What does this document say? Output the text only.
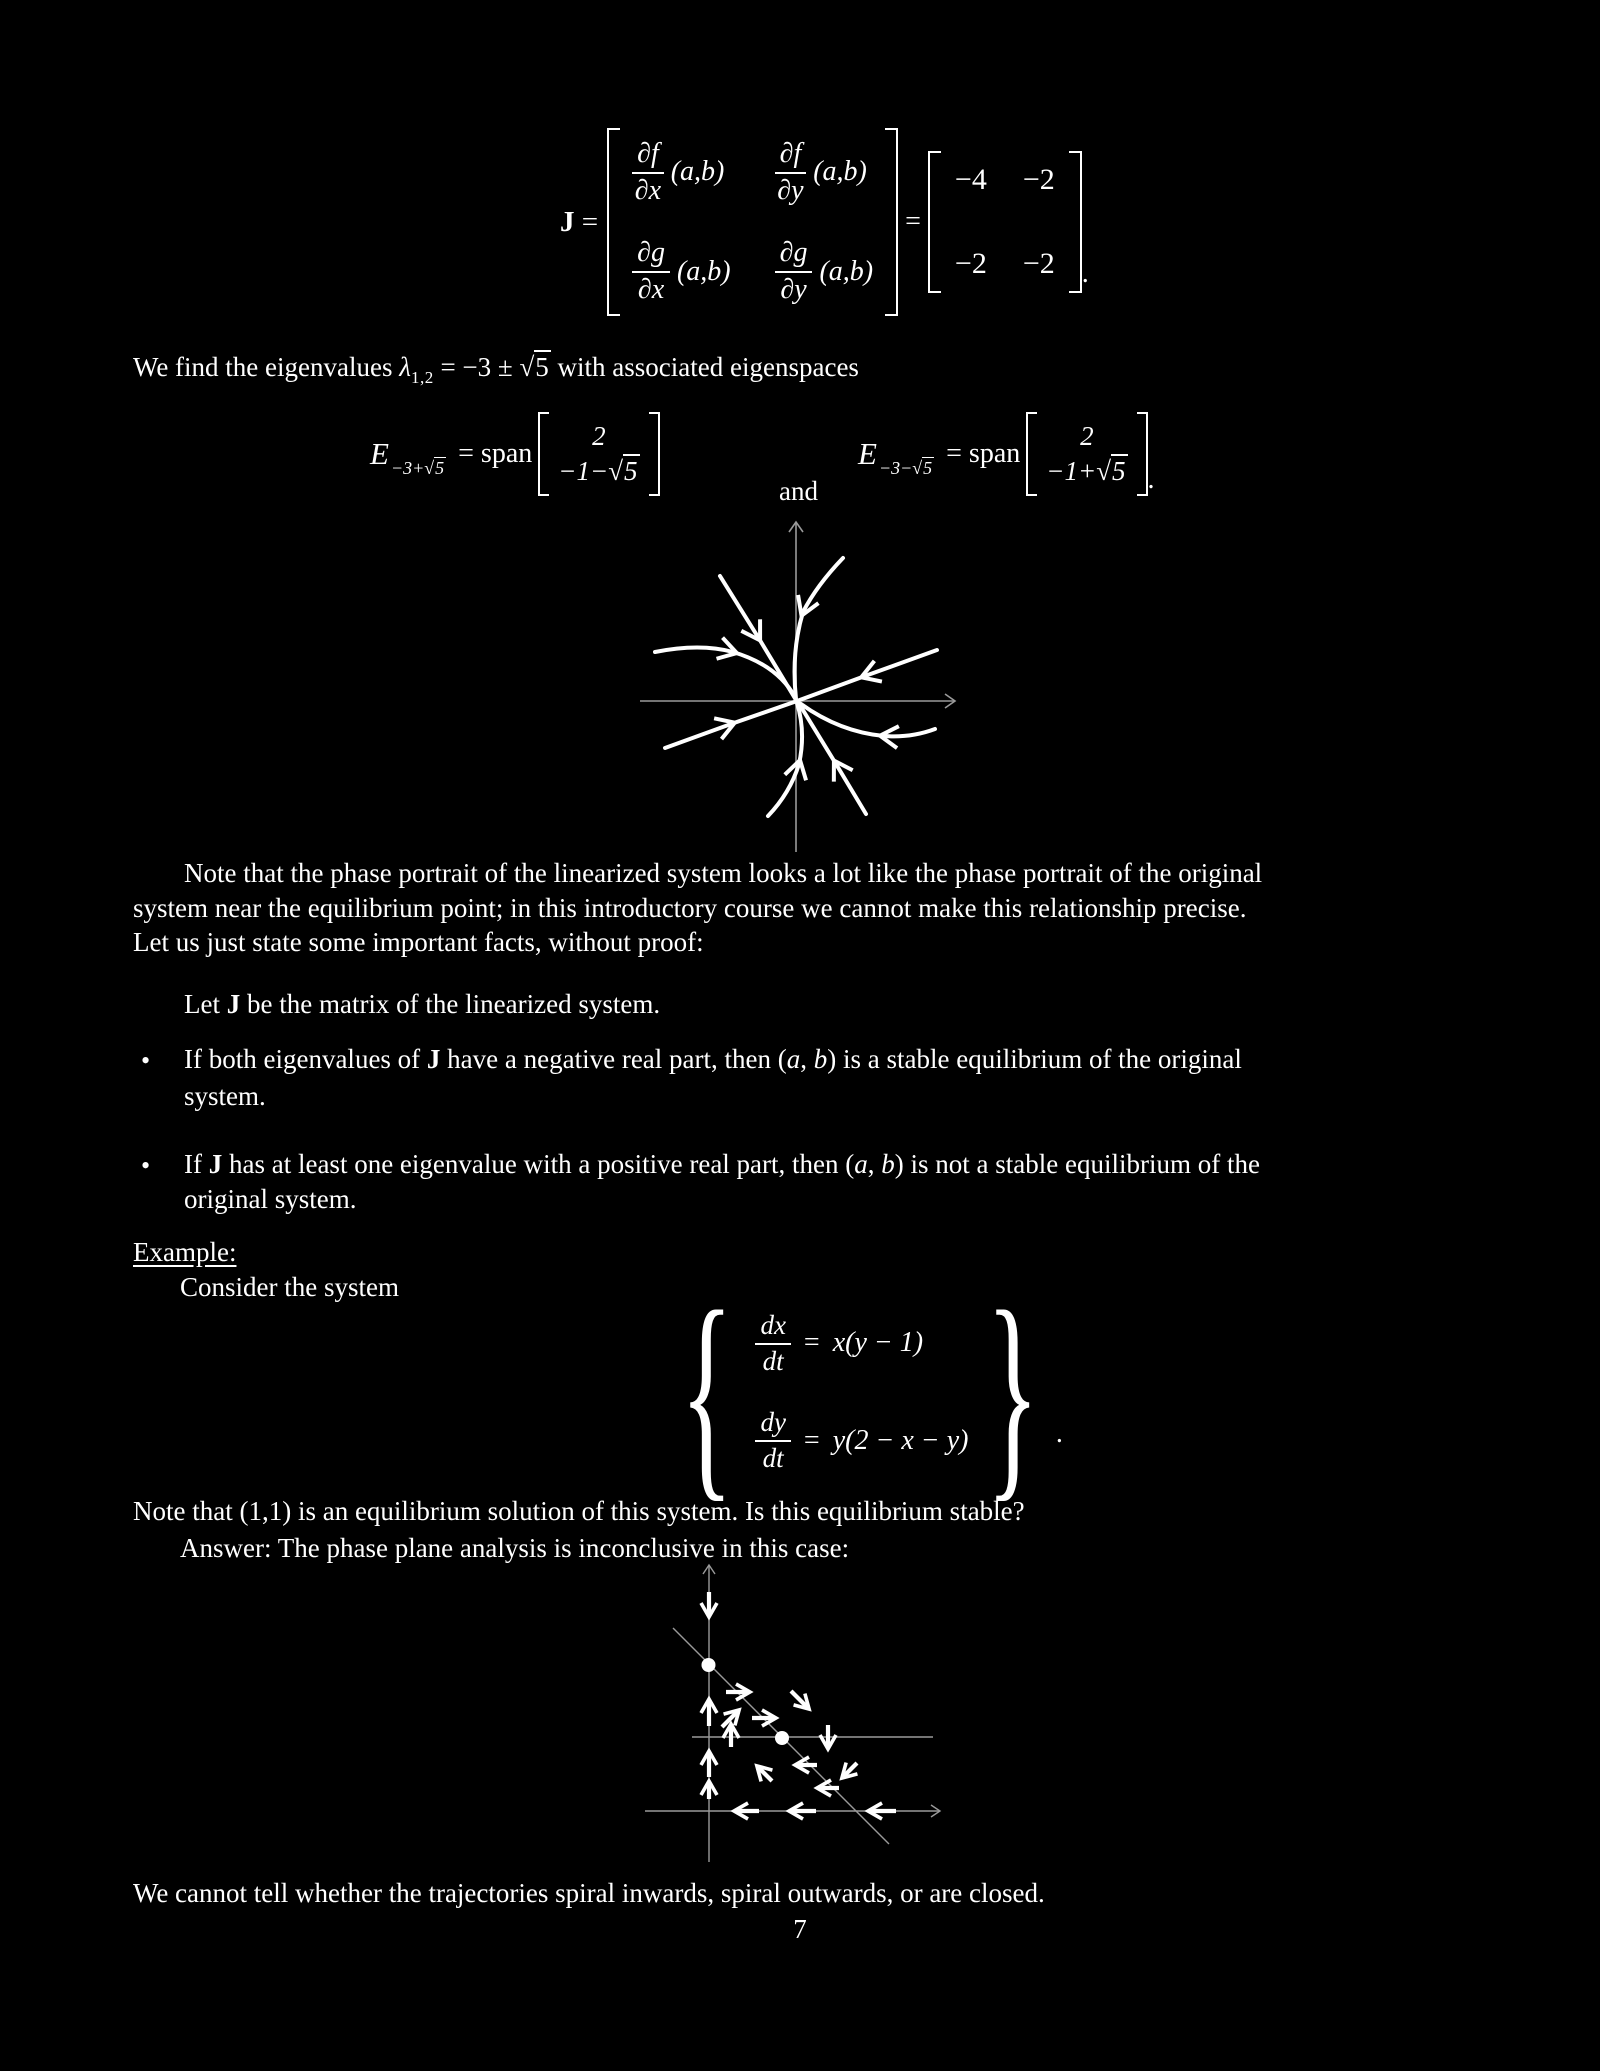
J =
$\frac{\partial f}{\partial x} (a,b) \frac{\partial f}{\partial y} (a,b)$
$\frac{\partial g}{\partial x} (a,b) \frac{\partial g}{\partial y} (a,b)$
=
−4 −2
−2 −2 .
We find the eigenvalues $\lambda_{1,2} = -3 \pm √5$ with associated eigenspaces
E −3+√5 = span
2
−1−√5
and
E −3−√5 = span
2
−1+√5 .
Note that the phase portrait of the linearized system looks a lot like the phase portrait of the original
system near the equilibrium point; in this introductory course we cannot make this relationship precise.
Let us just state some important facts, without proof:
Let J be the matrix of the linearized system.
• If both eigenvalues of J have a negative real part, then (a, b) is a stable equilibrium of the original
system.
• If J has at least one eigenvalue with a positive real part, then (a, b) is not a stable equilibrium of the
original system.
Example:
Consider the system { $\frac{dx}{dt} = x(y - 1)$
$\frac{dy}{dt} = y(2 - x - y)$ } .
Note that (1,1) is an equilibrium solution of this system. Is this equilibrium stable?
Answer: The phase plane analysis is inconclusive in this case:
We cannot tell whether the trajectories spiral inwards, spiral outwards, or are closed.
7
